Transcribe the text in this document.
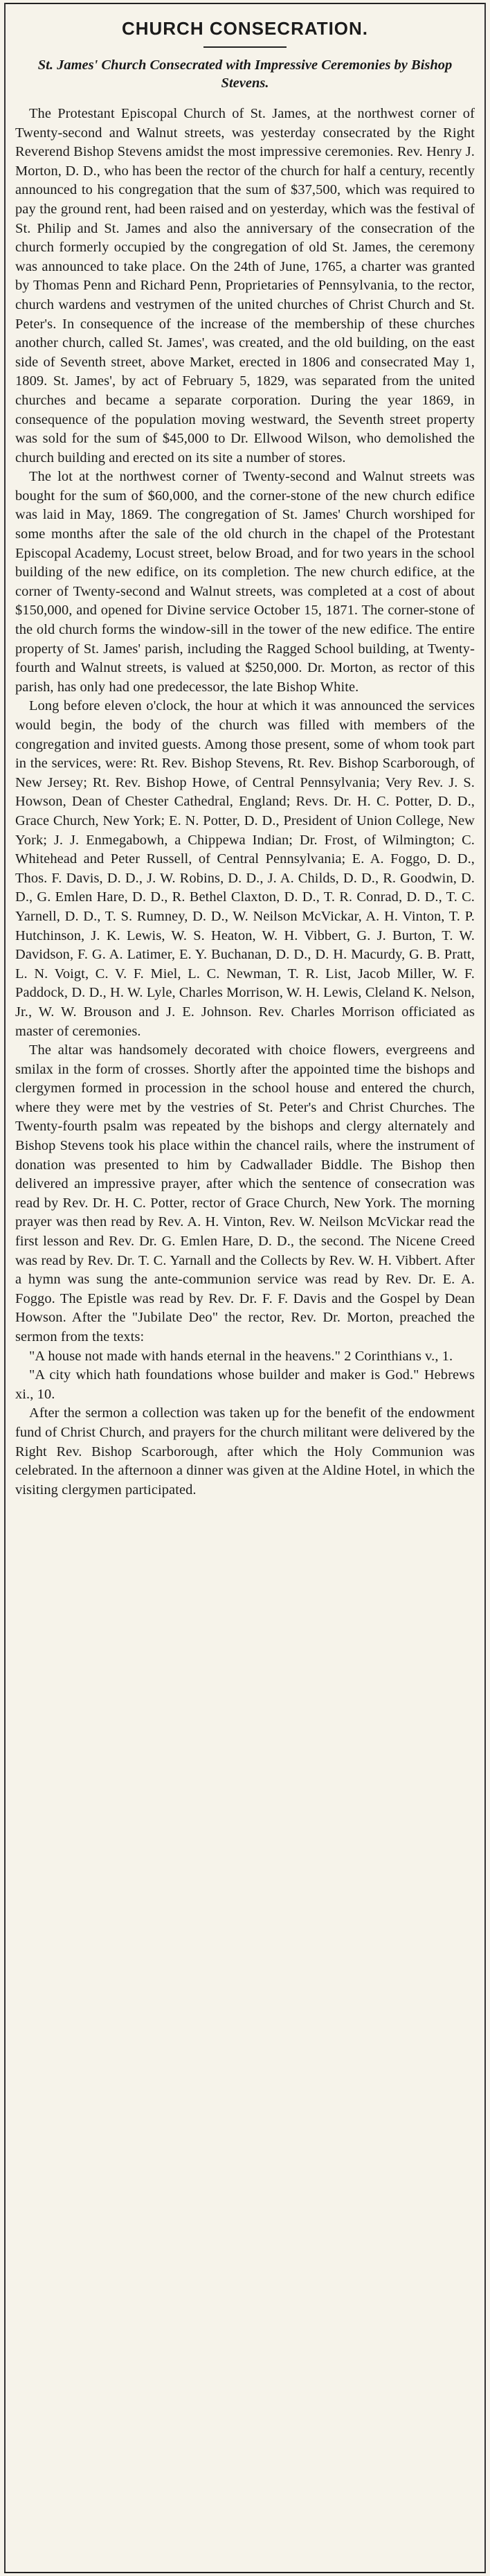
CHURCH CONSECRATION.
St. James' Church Consecrated with Impressive Ceremonies by Bishop Stevens.

The Protestant Episcopal Church of St. James, at the northwest corner of Twenty-second and Walnut streets, was yesterday consecrated by the Right Reverend Bishop Stevens amidst the most impressive ceremonies. Rev. Henry J. Morton, D. D., who has been the rector of the church for half a century, recently announced to his congregation that the sum of $37,500, which was required to pay the ground rent, had been raised and on yesterday, which was the festival of St. Philip and St. James and also the anniversary of the consecration of the church formerly occupied by the congregation of old St. James, the ceremony was announced to take place. On the 24th of June, 1765, a charter was granted by Thomas Penn and Richard Penn, Proprietaries of Pennsylvania, to the rector, church wardens and vestrymen of the united churches of Christ Church and St. Peter's. In consequence of the increase of the membership of these churches another church, called St. James', was created, and the old building, on the east side of Seventh street, above Market, erected in 1806 and consecrated May 1, 1809. St. James', by act of February 5, 1829, was separated from the united churches and became a separate corporation. During the year 1869, in consequence of the population moving westward, the Seventh street property was sold for the sum of $45,000 to Dr. Ellwood Wilson, who demolished the church building and erected on its site a number of stores.

The lot at the northwest corner of Twenty-second and Walnut streets was bought for the sum of $60,000, and the corner-stone of the new church edifice was laid in May, 1869. The congregation of St. James' Church worshiped for some months after the sale of the old church in the chapel of the Protestant Episcopal Academy, Locust street, below Broad, and for two years in the school building of the new edifice, on its completion. The new church edifice, at the corner of Twenty-second and Walnut streets, was completed at a cost of about $150,000, and opened for Divine service October 15, 1871. The corner-stone of the old church forms the window-sill in the tower of the new edifice. The entire property of St. James' parish, including the Ragged School building, at Twenty-fourth and Walnut streets, is valued at $250,000. Dr. Morton, as rector of this parish, has only had one predecessor, the late Bishop White.

Long before eleven o'clock, the hour at which it was announced the services would begin, the body of the church was filled with members of the congregation and invited guests. Among those present, some of whom took part in the services, were: Rt. Rev. Bishop Stevens, Rt. Rev. Bishop Scarborough, of New Jersey; Rt. Rev. Bishop Howe, of Central Pennsylvania; Very Rev. J. S. Howson, Dean of Chester Cathedral, England; Revs. Dr. H. C. Potter, D. D., Grace Church, New York; E. N. Potter, D. D., President of Union College, New York; J. J. Enmegabowh, a Chippewa Indian; Dr. Frost, of Wilmington; C. Whitehead and Peter Russell, of Central Pennsylvania; E. A. Foggo, D. D., Thos. F. Davis, D. D., J. W. Robins, D. D., J. A. Childs, D. D., R. Goodwin, D. D., G. Emlen Hare, D. D., R. Bethel Claxton, D. D., T. R. Conrad, D. D., T. C. Yarnell, D. D., T. S. Rumney, D. D., W. Neilson McVickar, A. H. Vinton, T. P. Hutchinson, J. K. Lewis, W. S. Heaton, W. H. Vibbert, G. J. Burton, T. W. Davidson, F. G. A. Latimer, E. Y. Buchanan, D. D., D. H. Macurdy, G. B. Pratt, L. N. Voigt, C. V. F. Miel, L. C. Newman, T. R. List, Jacob Miller, W. F. Paddock, D. D., H. W. Lyle, Charles Morrison, W. H. Lewis, Cleland K. Nelson, Jr., W. W. Brouson and J. E. Johnson. Rev. Charles Morrison officiated as master of ceremonies.

The altar was handsomely decorated with choice flowers, evergreens and smilax in the form of crosses. Shortly after the appointed time the bishops and clergymen formed in procession in the school house and entered the church, where they were met by the vestries of St. Peter's and Christ Churches. The Twenty-fourth psalm was repeated by the bishops and clergy alternately and Bishop Stevens took his place within the chancel rails, where the instrument of donation was presented to him by Cadwallader Biddle. The Bishop then delivered an impressive prayer, after which the sentence of consecration was read by Rev. Dr. H. C. Potter, rector of Grace Church, New York. The morning prayer was then read by Rev. A. H. Vinton, Rev. W. Neilson McVickar read the first lesson and Rev. Dr. G. Emlen Hare, D. D., the second. The Nicene Creed was read by Rev. Dr. T. C. Yarnall and the Collects by Rev. W. H. Vibbert. After a hymn was sung the ante-communion service was read by Rev. Dr. E. A. Foggo. The Epistle was read by Rev. Dr. F. F. Davis and the Gospel by Dean Howson. After the "Jubilate Deo" the rector, Rev. Dr. Morton, preached the sermon from the texts:

"A house not made with hands eternal in the heavens." 2 Corinthians v., 1.

"A city which hath foundations whose builder and maker is God." Hebrews xi., 10.

After the sermon a collection was taken up for the benefit of the endowment fund of Christ Church, and prayers for the church militant were delivered by the Right Rev. Bishop Scarborough, after which the Holy Communion was celebrated. In the afternoon a dinner was given at the Aldine Hotel, in which the visiting clergymen participated.
